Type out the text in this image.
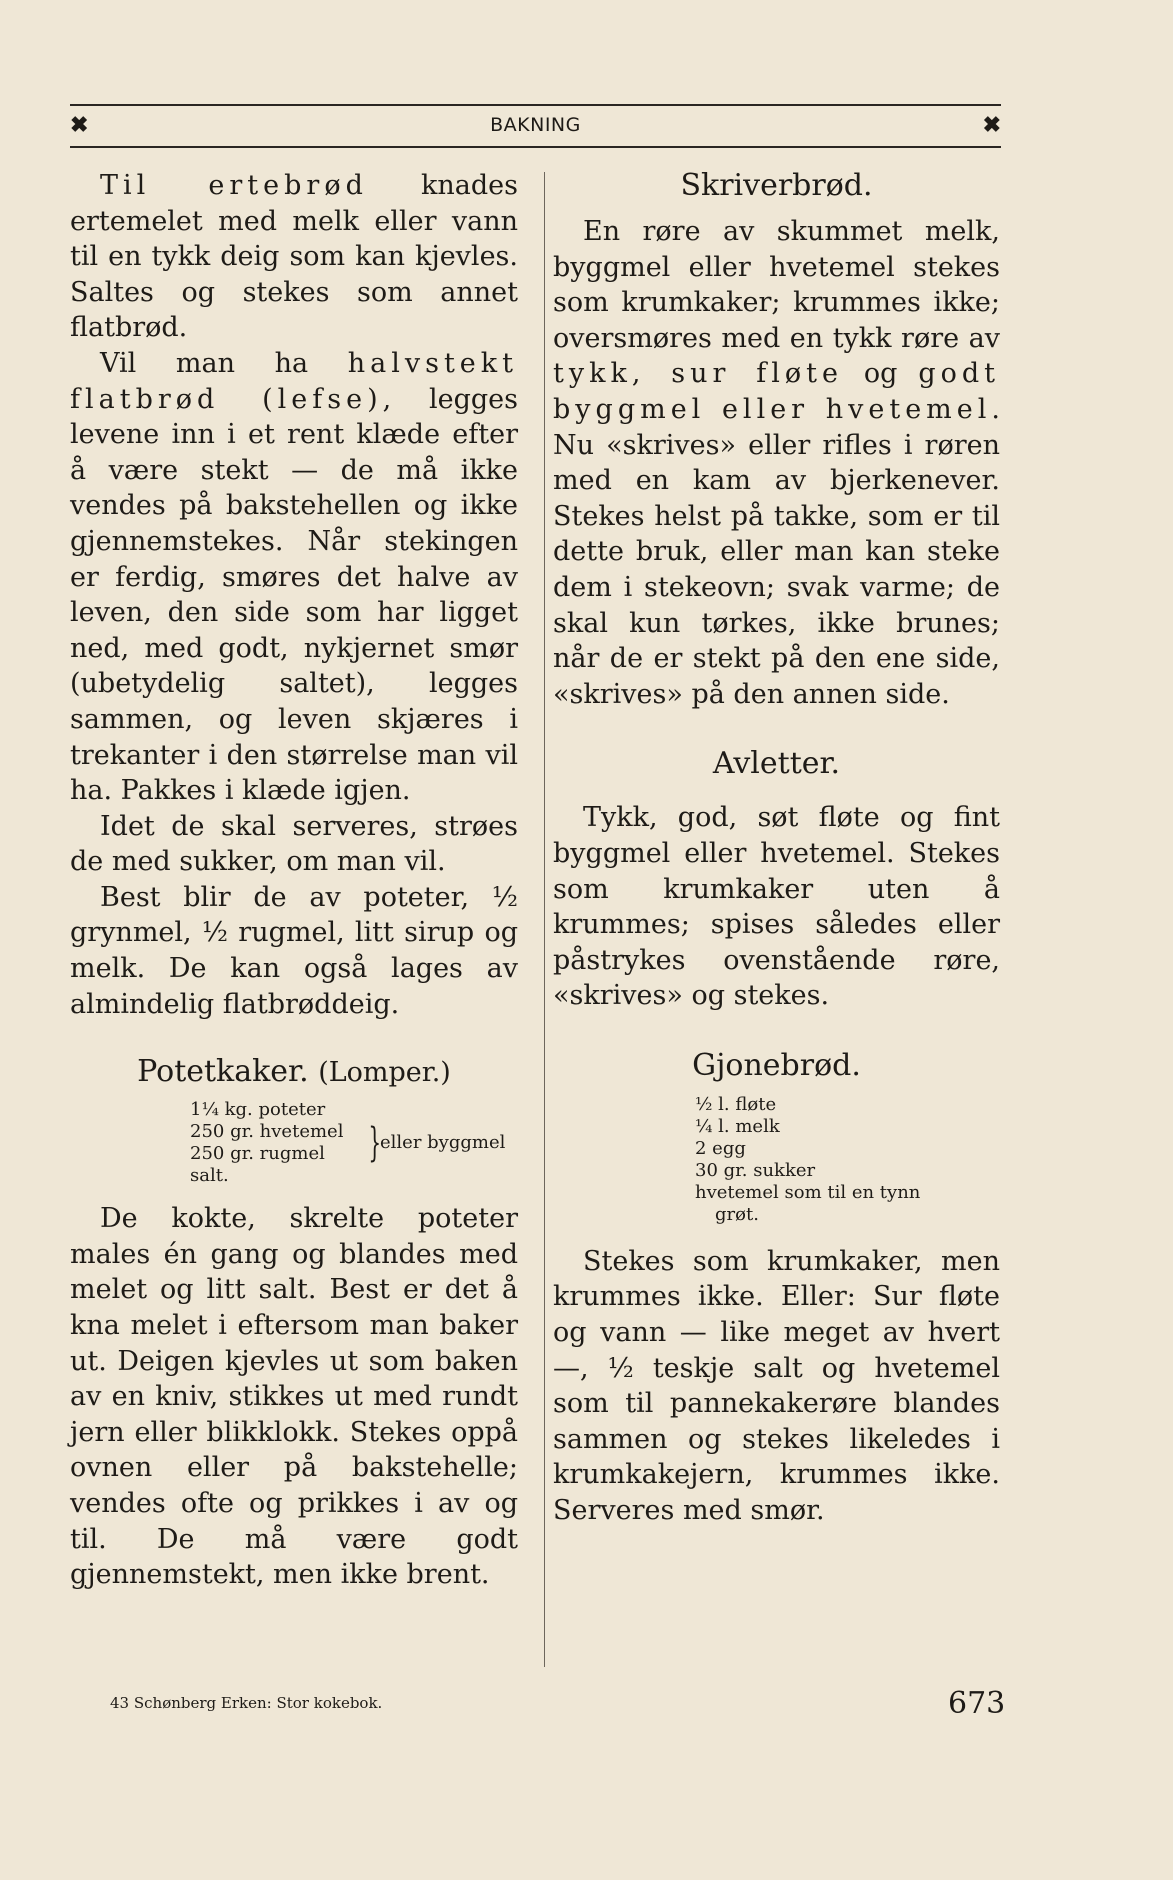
✖	BAKNING	✖

Til ertebrød knades ertemelet med melk eller vann til en tykk deig som kan kjevles. Saltes og stekes som annet flatbrød.

Vil man ha halvstekt flatbrød (lefse), legges levene inn i et rent klæde efter å være stekt — de må ikke vendes på bakstehellen og ikke gjennemstekes. Når stekingen er ferdig, smøres det halve av leven, den side som har ligget ned, med godt, nykjernet smør (ubetydelig saltet), legges sammen, og leven skjæres i trekanter i den størrelse man vil ha. Pakkes i klæde igjen.

Idet de skal serveres, strøes de med sukker, om man vil.

Best blir de av poteter, ½ grynmel, ½ rugmel, litt sirup og melk. De kan også lages av almindelig flatbrøddeig.

Potetkaker. (Lomper.)
1¼ kg. poteter
250 gr. hvetemel
250 gr. rugmel }
eller byggmel
salt.

De kokte, skrelte poteter males én gang og blandes med melet og litt salt. Best er det å kna melet i eftersom man baker ut. Deigen kjevles ut som baken av en kniv, stikkes ut med rundt jern eller blikklokk. Stekes oppå ovnen eller på bakstehelle; vendes ofte og prikkes i av og til. De må være godt gjennemstekt, men ikke brent.

Skriverbrød.

En røre av skummet melk, byggmel eller hvetemel stekes som krumkaker; krummes ikke; oversmøres med en tykk røre av tykk, sur fløte og godt byggmel eller hvetemel. Nu «skrives» eller rifles i røren med en kam av bjerkenever. Stekes helst på takke, som er til dette bruk, eller man kan steke dem i stekeovn; svak varme; de skal kun tørkes, ikke brunes; når de er stekt på den ene side, «skrives» på den annen side.

Avletter.

Tykk, god, søt fløte og fint byggmel eller hvetemel. Stekes som krumkaker uten å krummes; spises således eller påstrykes ovenstående røre, «skrives» og stekes.

Gjonebrød.
½ l. fløte
¼ l. melk
2 egg
30 gr. sukker
hvetemel som til en tynn
grøt.

Stekes som krumkaker, men krummes ikke. Eller: Sur fløte og vann — like meget av hvert —, ½ teskje salt og hvetemel som til pannekakerøre blandes sammen og stekes likeledes i krumkakejern, krummes ikke. Serveres med smør.

43 Schønberg Erken: Stor kokebok.	673
